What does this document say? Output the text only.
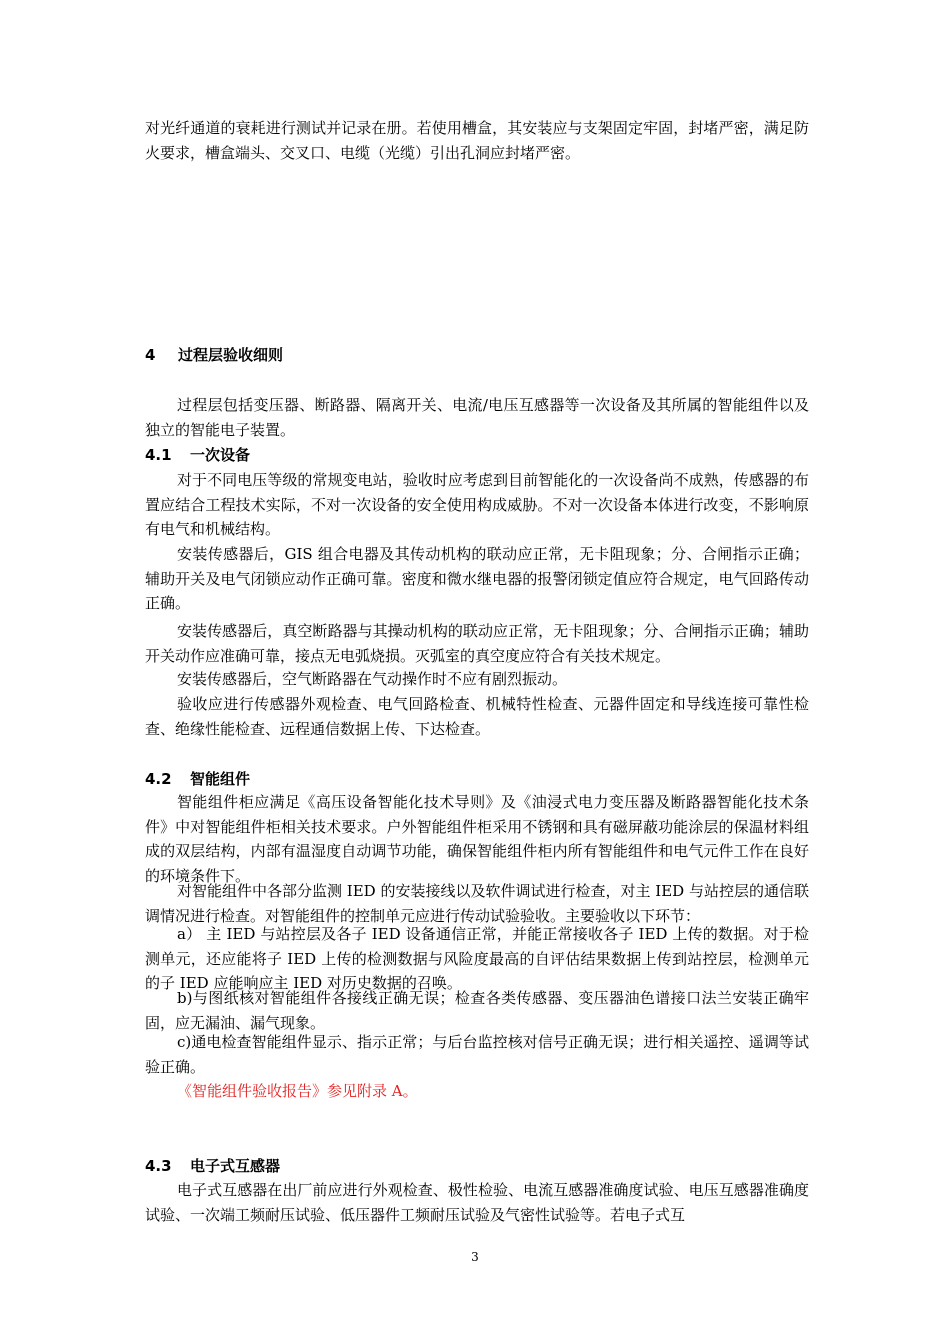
对光纤通道的衰耗进行测试并记录在册。若使用槽盒，其安装应与支架固定牢固，封堵严密，满足防火要求，槽盒端头、交叉口、电缆（光缆）引出孔洞应封堵严密。

4 过程层验收细则

过程层包括变压器、断路器、隔离开关、电流/电压互感器等一次设备及其所属的智能组件以及独立的智能电子装置。

4.1 一次设备

对于不同电压等级的常规变电站，验收时应考虑到目前智能化的一次设备尚不成熟，传感器的布置应结合工程技术实际，不对一次设备的安全使用构成威胁。不对一次设备本体进行改变，不影响原有电气和机械结构。

安装传感器后，GIS 组合电器及其传动机构的联动应正常，无卡阻现象；分、合闸指示正确；辅助开关及电气闭锁应动作正确可靠。密度和微水继电器的报警闭锁定值应符合规定，电气回路传动正确。

安装传感器后，真空断路器与其操动机构的联动应正常，无卡阻现象；分、合闸指示正确；辅助开关动作应准确可靠，接点无电弧烧损。灭弧室的真空度应符合有关技术规定。

安装传感器后，空气断路器在气动操作时不应有剧烈振动。

验收应进行传感器外观检查、电气回路检查、机械特性检查、元器件固定和导线连接可靠性检查、绝缘性能检查、远程通信数据上传、下达检查。

4.2 智能组件

智能组件柜应满足《高压设备智能化技术导则》及《油浸式电力变压器及断路器智能化技术条件》中对智能组件柜相关技术要求。户外智能组件柜采用不锈钢和具有磁屏蔽功能涂层的保温材料组成的双层结构，内部有温湿度自动调节功能，确保智能组件柜内所有智能组件和电气元件工作在良好的环境条件下。

对智能组件中各部分监测 IED 的安装接线以及软件调试进行检查，对主 IED 与站控层的通信联调情况进行检查。对智能组件的控制单元应进行传动试验验收。主要验收以下环节：

a） 主 IED 与站控层及各子 IED 设备通信正常，并能正常接收各子 IED 上传的数据。对于检测单元，还应能将子 IED 上传的检测数据与风险度最高的自评估结果数据上传到站控层，检测单元的子 IED 应能响应主 IED 对历史数据的召唤。

b)与图纸核对智能组件各接线正确无误；检查各类传感器、变压器油色谱接口法兰安装正确牢固，应无漏油、漏气现象。

c)通电检查智能组件显示、指示正常；与后台监控核对信号正确无误；进行相关遥控、遥调等试验正确。

《智能组件验收报告》参见附录 A。

4.3 电子式互感器

电子式互感器在出厂前应进行外观检查、极性检验、电流互感器准确度试验、电压互感器准确度试验、一次端工频耐压试验、低压器件工频耐压试验及气密性试验等。若电子式互

3
